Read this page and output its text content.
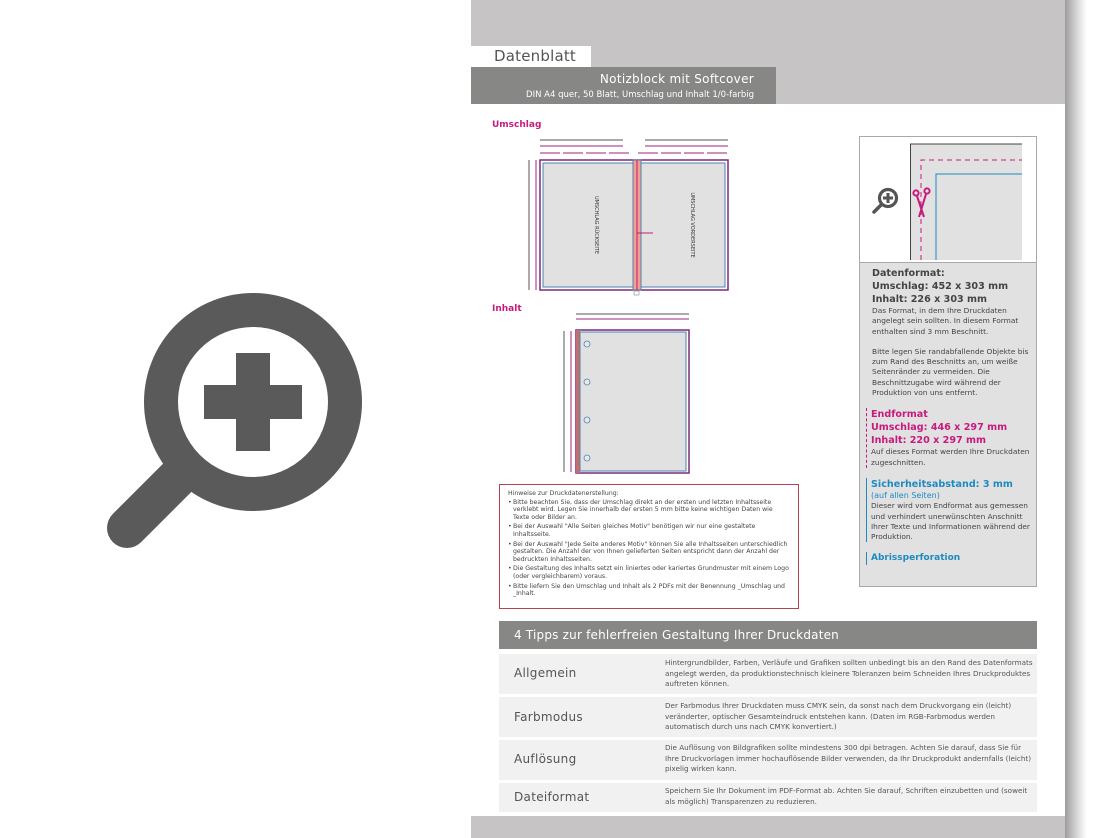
Datenblatt
Notizblock mit Softcover
DIN A4 quer, 50 Blatt, Umschlag und Inhalt 1/0-farbig
Umschlag
UMSCHLAG RÜCKSEITE	UMSCHLAG VORDERSEITE
Inhalt
Datenformat:
Umschlag: 452 x 303 mm
Inhalt: 226 x 303 mm
Das Format, in dem Ihre Druckdaten angelegt sein sollten. In diesem Format enthalten sind 3 mm Beschnitt.
Bitte legen Sie randabfallende Objekte bis zum Rand des Beschnitts an, um weiße Seitenränder zu vermeiden. Die Beschnittzugabe wird während der Produktion von uns entfernt.
Endformat
Umschlag: 446 x 297 mm
Inhalt: 220 x 297 mm
Auf dieses Format werden Ihre Druckdaten zugeschnitten.
Sicherheitsabstand: 3 mm
(auf allen Seiten)
Dieser wird vom Endformat aus gemessen und verhindert unerwünschten Anschnitt Ihrer Texte und Informationen während der Produktion.
Abrissperforation
Hinweise zur Druckdatenerstellung:
• Bitte beachten Sie, dass der Umschlag direkt an der ersten und letzten Inhaltsseite verklebt wird. Legen Sie innerhalb der ersten 5 mm bitte keine wichtigen Daten wie Texte oder Bilder an.
• Bei der Auswahl "Alle Seiten gleiches Motiv" benötigen wir nur eine gestaltete Inhaltsseite.
• Bei der Auswahl "Jede Seite anderes Motiv" können Sie alle Inhaltsseiten unterschiedlich gestalten. Die Anzahl der von Ihnen gelieferten Seiten entspricht dann der Anzahl der bedruckten Inhaltsseiten.
• Die Gestaltung des Inhalts setzt ein liniertes oder kariertes Grundmuster mit einem Logo (oder vergleichbarem) voraus.
• Bitte liefern Sie den Umschlag und Inhalt als 2 PDFs mit der Benennung _Umschlag und _Inhalt.
4 Tipps zur fehlerfreien Gestaltung Ihrer Druckdaten
Allgemein
Hintergrundbilder, Farben, Verläufe und Grafiken sollten unbedingt bis an den Rand des Datenformats angelegt werden, da produktionstechnisch kleinere Toleranzen beim Schneiden Ihres Druckproduktes auftreten können.
Farbmodus
Der Farbmodus Ihrer Druckdaten muss CMYK sein, da sonst nach dem Druckvorgang ein (leicht) veränderter, optischer Gesamteindruck entstehen kann. (Daten im RGB-Farbmodus werden automatisch durch uns nach CMYK konvertiert.)
Auflösung
Die Auflösung von Bildgrafiken sollte mindestens 300 dpi betragen. Achten Sie darauf, dass Sie für Ihre Druckvorlagen immer hochauflösende Bilder verwenden, da Ihr Druckprodukt andernfalls (leicht) pixelig wirken kann.
Dateiformat	Speichern Sie Ihr Dokument im PDF-Format ab. Achten Sie darauf, Schriften einzubetten und (soweit als möglich) Transparenzen zu reduzieren.
